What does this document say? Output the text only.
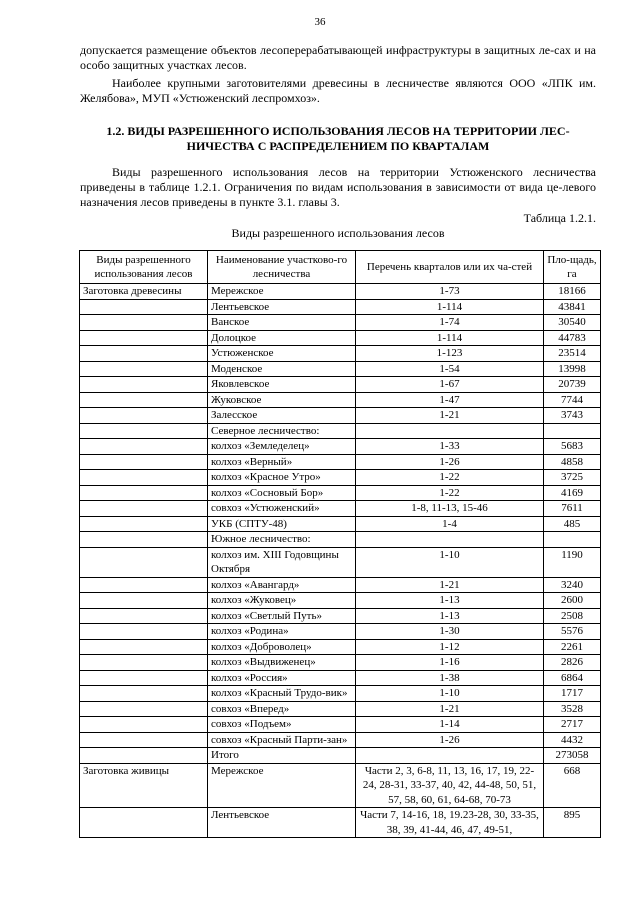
36

допускается размещение объектов лесоперерабатывающей инфраструктуры в защитных ле-сах и на особо защитных участках лесов.

Наиболее крупными заготовителями древесины в лесничестве являются ООО «ЛПК им. Желябова», МУП «Устюженский леспромхоз».

1.2. ВИДЫ РАЗРЕШЕННОГО ИСПОЛЬЗОВАНИЯ ЛЕСОВ НА ТЕРРИТОРИИ ЛЕС-НИЧЕСТВА С РАСПРЕДЕЛЕНИЕМ ПО КВАРТАЛАМ

Виды разрешенного использования лесов на территории Устюженского лесничества приведены в таблице 1.2.1. Ограничения по видам использования в зависимости от вида це-левого назначения лесов приведены в пункте 3.1. главы 3.

Таблица 1.2.1.
Виды разрешенного использования лесов
Виды разрешенного использования лесов	Наименование участково-го лесничества	Перечень кварталов или их ча-стей	Пло-щадь, га
Заготовка древесины	Мережское	1-73	18166
	Лентьевское	1-114	43841
	Ванское	1-74	30540
	Долоцкое	1-114	44783
	Устюженское	1-123	23514
	Моденское	1-54	13998
	Яковлевское	1-67	20739
	Жуковское	1-47	7744
	Залесское	1-21	3743
	Северное лесничество:		
	колхоз «Земледелец»	1-33	5683
	колхоз «Верный»	1-26	4858
	колхоз «Красное Утро»	1-22	3725
	колхоз «Сосновый Бор»	1-22	4169
	совхоз «Устюженский»	1-8, 11-13, 15-46	7611
	УКБ (СПТУ-48)	1-4	485
	Южное лесничество:		
	колхоз им. XIII Годовщины Октября	1-10	1190
	колхоз «Авангард»	1-21	3240
	колхоз «Жуковец»	1-13	2600
	колхоз «Светлый Путь»	1-13	2508
	колхоз «Родина»	1-30	5576
	колхоз «Доброволец»	1-12	2261
	колхоз «Выдвиженец»	1-16	2826
	колхоз «Россия»	1-38	6864
	колхоз «Красный Трудо-вик»	1-10	1717
	совхоз «Вперед»	1-21	3528
	совхоз «Подъем»	1-14	2717
	совхоз «Красный Парти-зан»	1-26	4432
	Итого		273058
Заготовка живицы	Мережское	Части 2, 3, 6-8, 11, 13, 16, 17, 19, 22-24, 28-31, 33-37, 40, 42, 44-48, 50, 51, 57, 58, 60, 61, 64-68, 70-73	668
	Лентьевское	Части 7, 14-16, 18, 19.23-28, 30, 33-35, 38, 39, 41-44, 46, 47, 49-51,	895
